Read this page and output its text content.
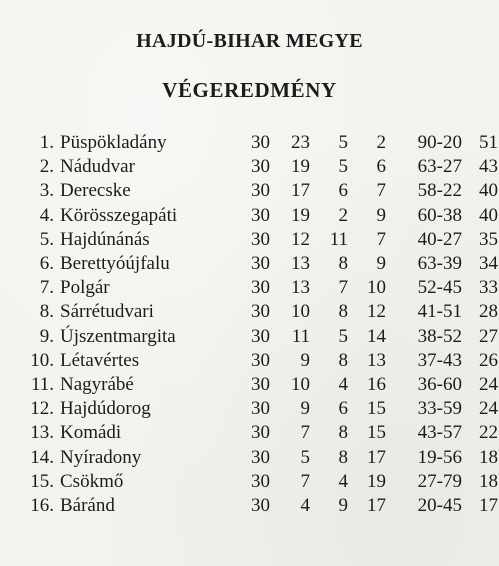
HAJDÚ-BIHAR MEGYE
VÉGEREDMÉNY
1.	Püspökladány	30	23	5	2	90-20	51
2.	Nádudvar	30	19	5	6	63-27	43
3.	Derecske	30	17	6	7	58-22	40
4.	Körösszegapáti	30	19	2	9	60-38	40
5.	Hajdúnánás	30	12	11	7	40-27	35
6.	Berettyóújfalu	30	13	8	9	63-39	34
7.	Polgár	30	13	7	10	52-45	33
8.	Sárrétudvari	30	10	8	12	41-51	28
9.	Újszentmargita	30	11	5	14	38-52	27
10.	Létavértes	30	9	8	13	37-43	26
11.	Nagyrábé	30	10	4	16	36-60	24
12.	Hajdúdorog	30	9	6	15	33-59	24
13.	Komádi	30	7	8	15	43-57	22
14.	Nyíradony	30	5	8	17	19-56	18
15.	Csökmő	30	7	4	19	27-79	18
16.	Báránd	30	4	9	17	20-45	17
